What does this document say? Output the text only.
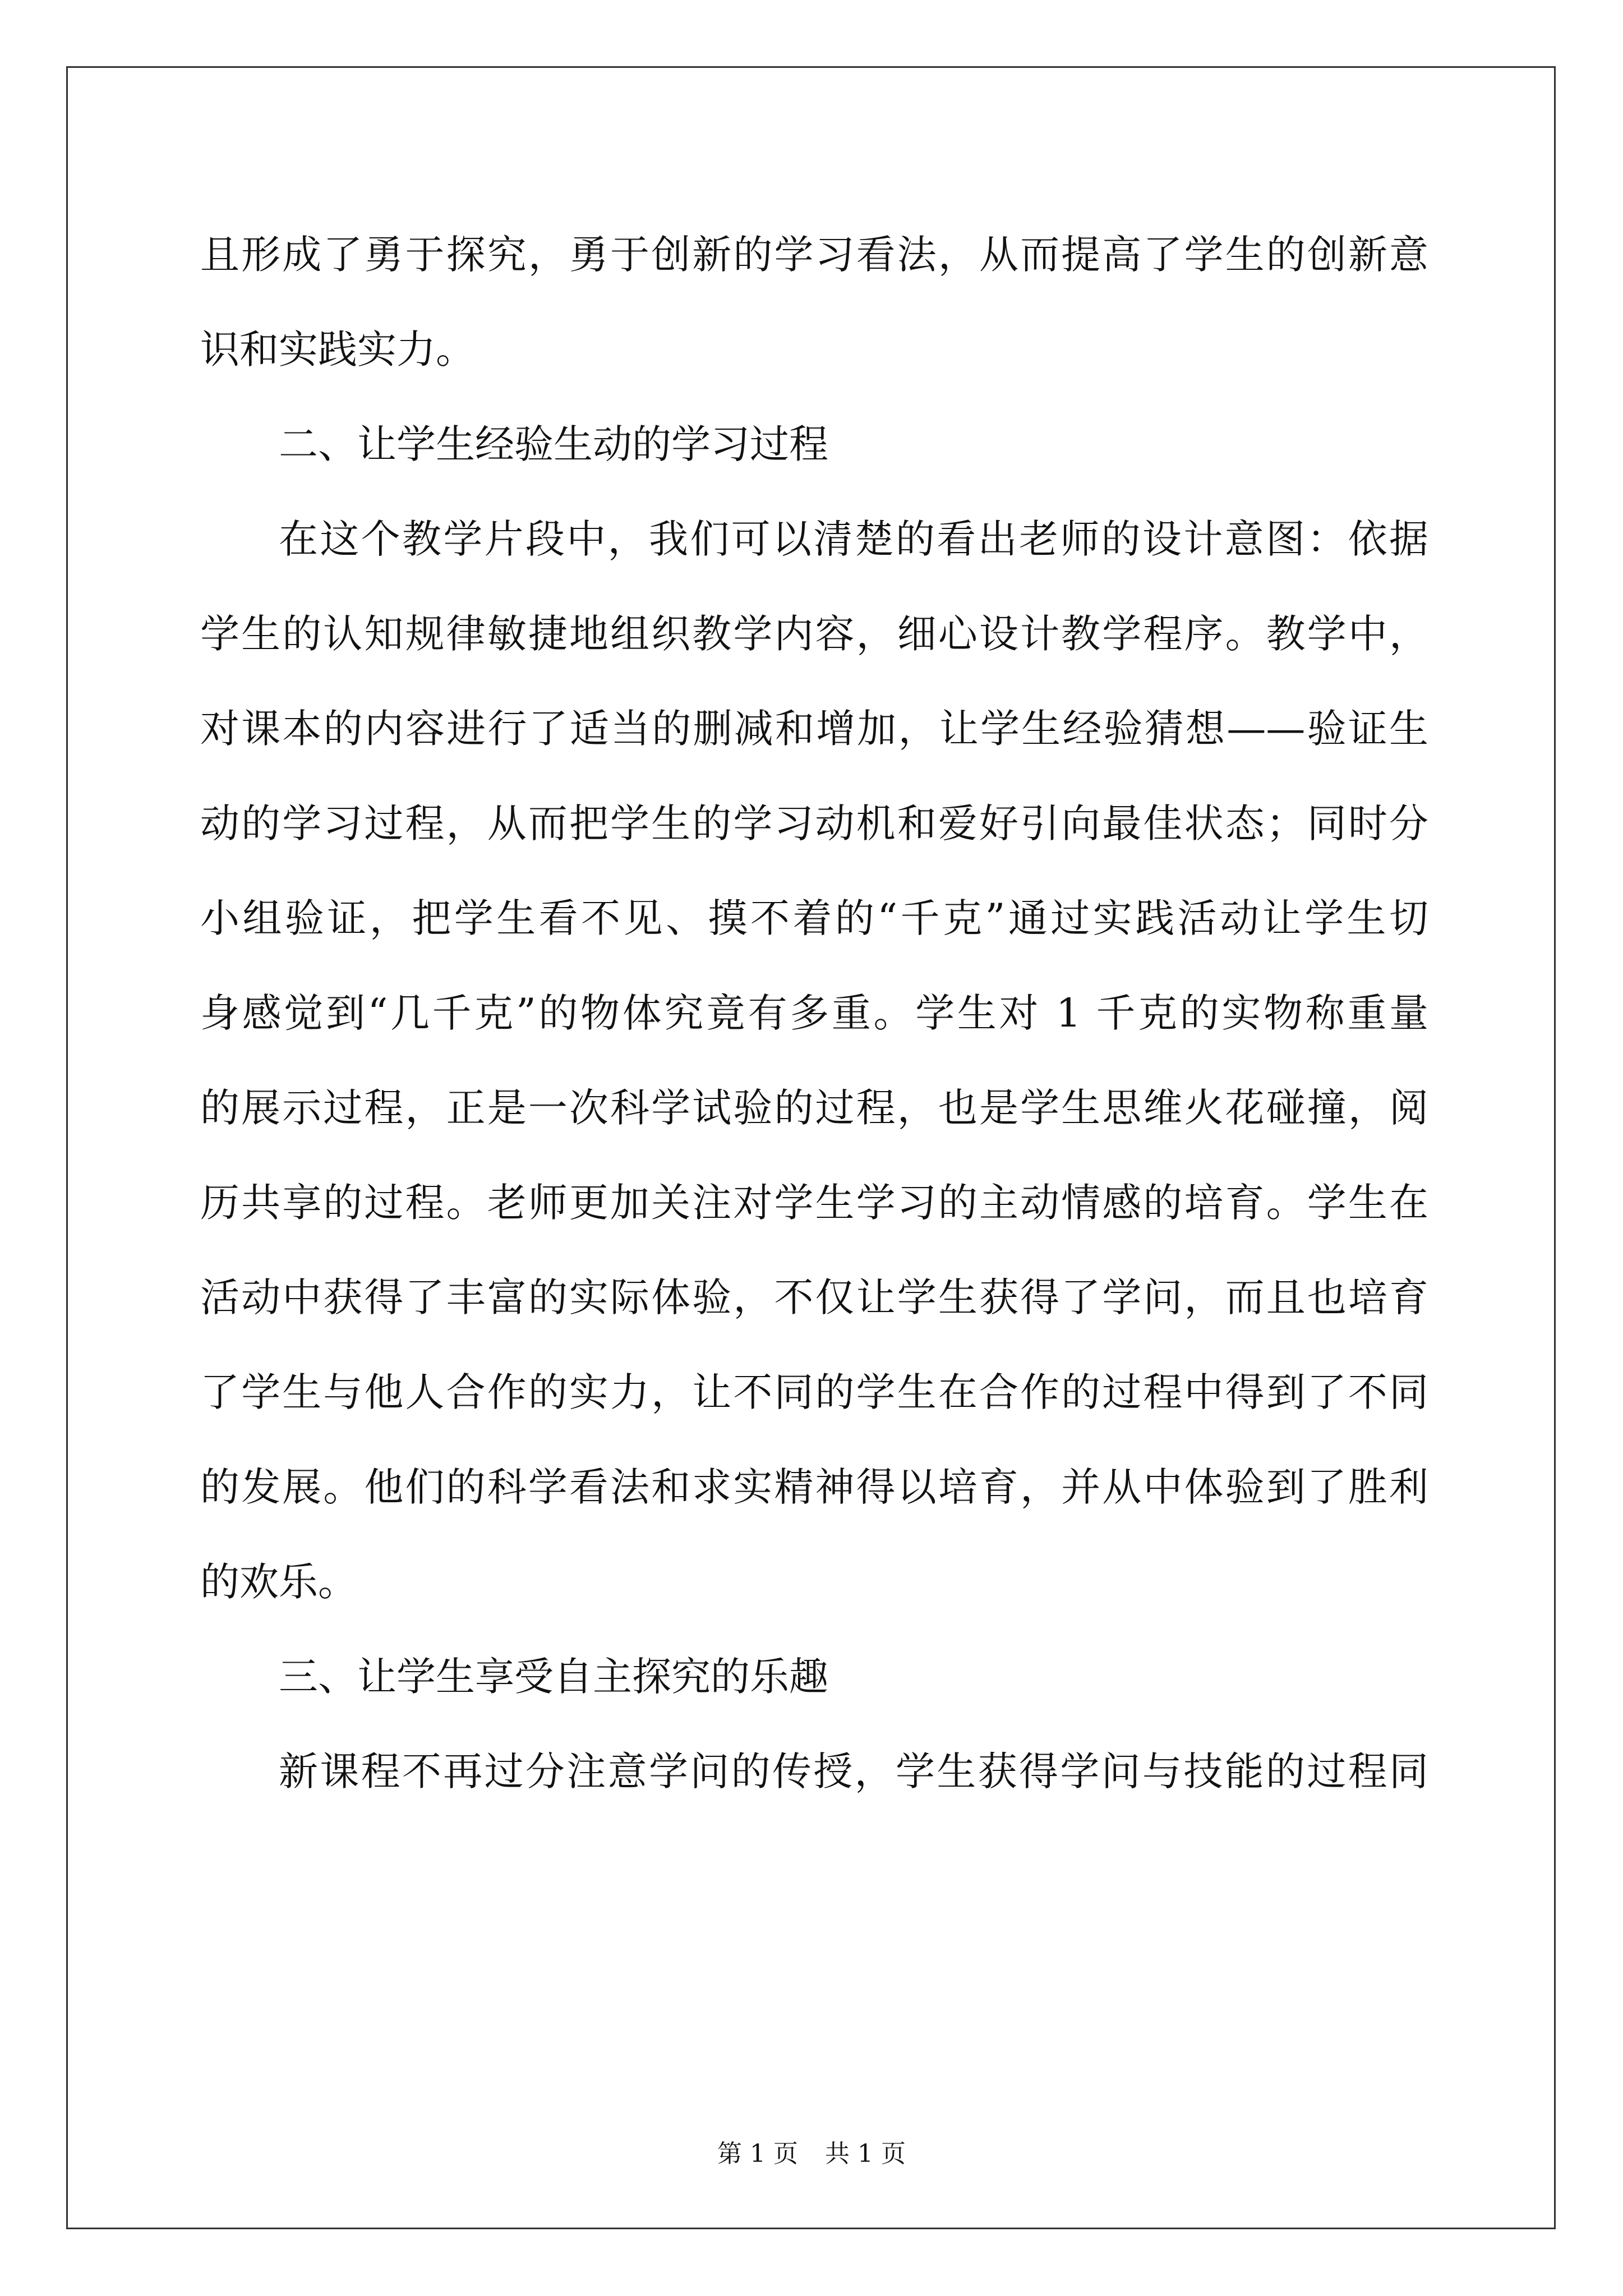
且形成了勇于探究，勇于创新的学习看法，从而提高了学生的创新意
识和实践实力。
二、让学生经验生动的学习过程
在这个教学片段中，我们可以清楚的看出老师的设计意图：依据
学生的认知规律敏捷地组织教学内容，细心设计教学程序。教学中，
对课本的内容进行了适当的删减和增加，让学生经验猜想——验证生
动的学习过程，从而把学生的学习动机和爱好引向最佳状态；同时分
小组验证，把学生看不见、摸不着的“千克”通过实践活动让学生切
身感觉到“几千克”的物体究竟有多重。学生对 1 千克的实物称重量
的展示过程，正是一次科学试验的过程，也是学生思维火花碰撞，阅
历共享的过程。老师更加关注对学生学习的主动情感的培育。学生在
活动中获得了丰富的实际体验，不仅让学生获得了学问，而且也培育
了学生与他人合作的实力，让不同的学生在合作的过程中得到了不同
的发展。他们的科学看法和求实精神得以培育，并从中体验到了胜利
的欢乐。
三、让学生享受自主探究的乐趣
新课程不再过分注意学问的传授，学生获得学问与技能的过程同
第 1 页 共 1 页
